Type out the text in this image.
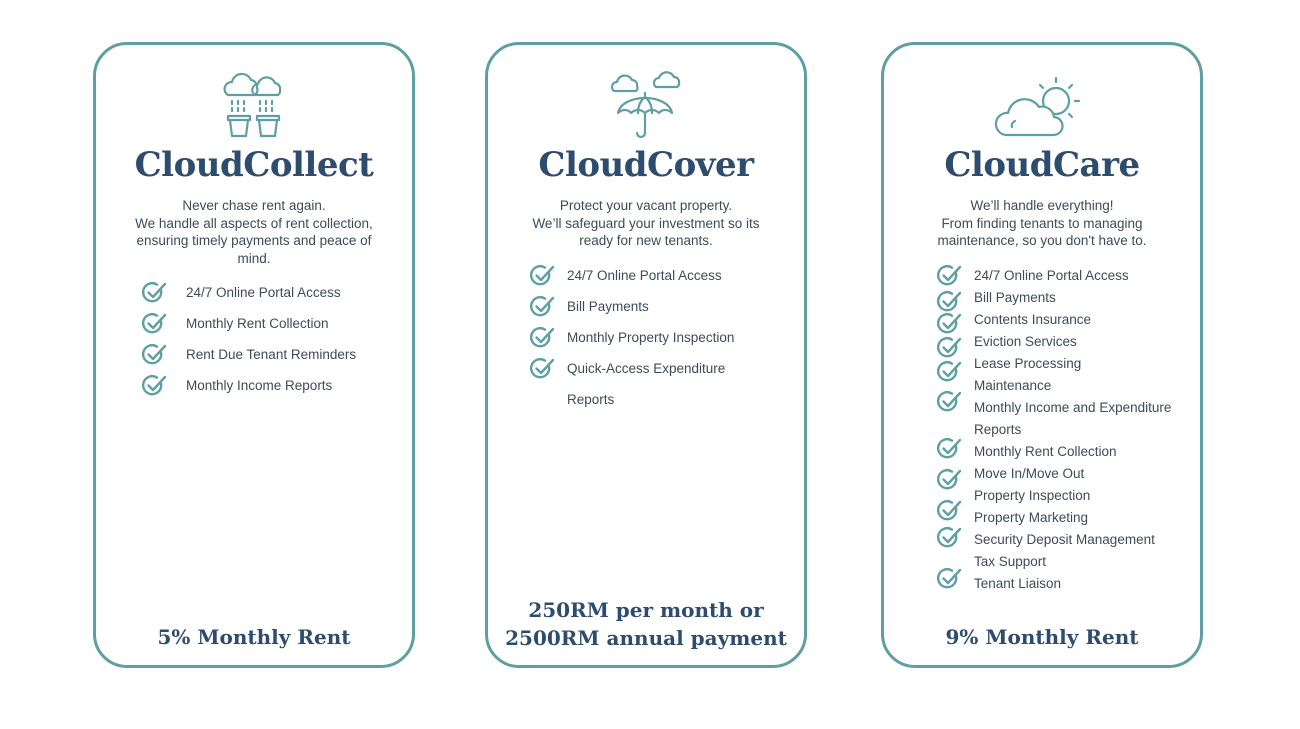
CloudCollect
Never chase rent again.
We handle all aspects of rent collection,
ensuring timely payments and peace of
mind.
24/7 Online Portal Access
Monthly Rent Collection
Rent Due Tenant Reminders
Monthly Income Reports
5% Monthly Rent
CloudCover
Protect your vacant property.
We’ll safeguard your investment so its
ready for new tenants.
24/7 Online Portal Access
Bill Payments
Monthly Property Inspection
Quick-Access Expenditure
Reports
250RM per month or
2500RM annual payment
CloudCare
We’ll handle everything!
From finding tenants to managing
maintenance, so you don't have to.
24/7 Online Portal Access
Bill Payments
Contents Insurance
Eviction Services
Lease Processing
Maintenance
Monthly Income and Expenditure
Reports
Monthly Rent Collection
Move In/Move Out
Property Inspection
Property Marketing
Security Deposit Management
Tax Support
Tenant Liaison
9% Monthly Rent
